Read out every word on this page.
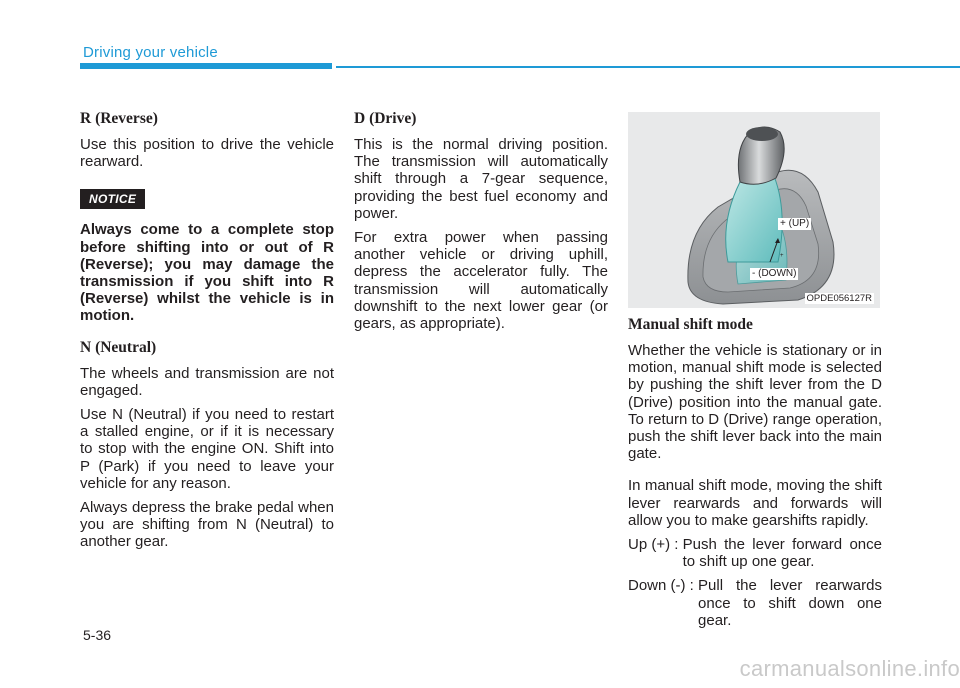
Driving your vehicle
R (Reverse)

Use this position to drive the vehicle rearward.

NOTICE
Always come to a complete stop before shifting into or out of R (Reverse); you may damage the transmission if you shift into R (Reverse) whilst the vehicle is in motion.
N (Neutral)

The wheels and transmission are not engaged.

Use N (Neutral) if you need to restart a stalled engine, or if it is necessary to stop with the engine ON. Shift into P (Park) if you need to leave your vehicle for any reason.

Always depress the brake pedal when you are shifting from N (Neutral) to another gear.

D (Drive)

This is the normal driving position. The transmission will automatically shift through a 7-gear sequence, providing the best fuel economy and power.

For extra power when passing another vehicle or driving uphill, depress the accelerator fully. The transmission will automatically downshift to the next lower gear (or gears, as appropriate).

+
+ (UP)
- (DOWN)
OPDE056127R
Manual shift mode

Whether the vehicle is stationary or in motion, manual shift mode is selected by pushing the shift lever from the D (Drive) position into the manual gate. To return to D (Drive) range operation, push the shift lever back into the main gate.

In manual shift mode, moving the shift lever rearwards and forwards will allow you to make gearshifts rapidly.

Up (+) : Push the lever forward once to shift up one gear.
Down (-) : Pull the lever rearwards once to shift down one gear.
5-36
carmanualsonline.info
